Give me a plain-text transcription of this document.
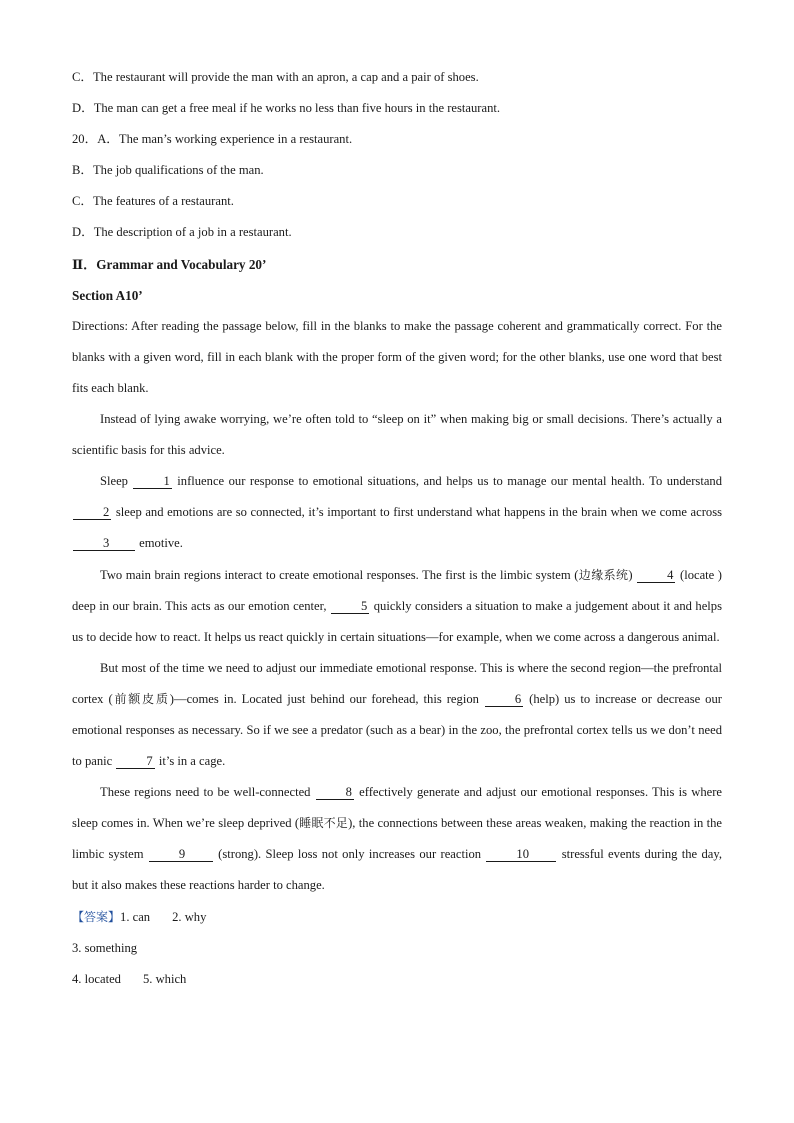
C．The restaurant will provide the man with an apron, a cap and a pair of shoes.
D．The man can get a free meal if he works no less than five hours in the restaurant.
20．A．The man’s working experience in a restaurant.
B．The job qualifications of the man.
C．The features of a restaurant.
D．The description of a job in a restaurant.
Ⅱ．Grammar and Vocabulary 20’
Section A10’
Directions: After reading the passage below, fill in the blanks to make the passage coherent and grammatically correct. For the blanks with a given word, fill in each blank with the proper form of the given word; for the other blanks, use one word that best fits each blank.
Instead of lying awake worrying, we’re often told to “sleep on it” when making big or small decisions. There’s actually a scientific basis for this advice.
Sleep 1 influence our response to emotional situations, and helps us to manage our mental health. To understand 2 sleep and emotions are so connected, it’s important to first understand what happens in the brain when we come across 3 emotive.
Two main brain regions interact to create emotional responses. The first is the limbic system (边缘系统) 4 (locate ) deep in our brain. This acts as our emotion center, 5 quickly considers a situation to make a judgement about it and helps us to decide how to react. It helps us react quickly in certain situations—for example, when we come across a dangerous animal.
But most of the time we need to adjust our immediate emotional response. This is where the second region—the prefrontal cortex (前额皮质)—comes in. Located just behind our forehead, this region 6 (help) us to increase or decrease our emotional responses as necessary. So if we see a predator (such as a bear) in the zoo, the prefrontal cortex tells us we don’t need to panic 7 it’s in a cage.
These regions need to be well-connected 8 effectively generate and adjust our emotional responses. This is where sleep comes in. When we’re sleep deprived (睡眠不足), the connections between these areas weaken, making the reaction in the limbic system 9 (strong). Sleep loss not only increases our reaction 10 stressful events during the day, but it also makes these reactions harder to change.
【答案】1. can 2. why
3. something
4. located 5. which
